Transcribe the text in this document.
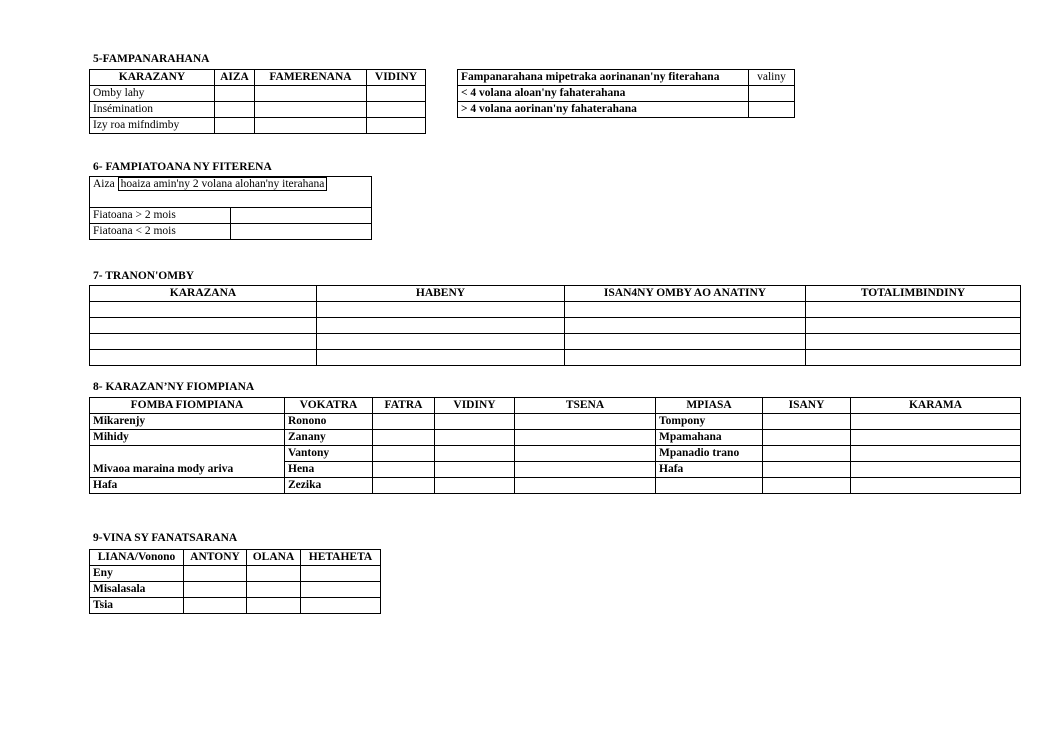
5-FAMPANARAHANA
KARAZANY	AIZA	FAMERENANA	VIDINY
Omby lahy			
Insémination			
Izy roa mifndimby			
Fampanarahana mipetraka aorinanan'ny fiterahana	valiny
< 4 volana aloan'ny fahaterahana	
> 4 volana aorinan'ny fahaterahana	
6- FAMPIATOANA NY FITERENA
Aiza hoaiza amin'ny 2 volana alohan'ny iterahana	
Fiatoana > 2 mois	
Fiatoana < 2 mois	
7- TRANON'OMBY
KARAZANA	HABENY	ISAN4NY OMBY AO ANATINY	TOTALIMBINDINY

8- KARAZAN’NY FIOMPIANA
FOMBA FIOMPIANA	VOKATRA	FATRA	VIDINY	TSENA	MPIASA	ISANY	KARAMA
Mikarenjy	Ronono				Tompony		
Mihidy	Zanany				Mpamahana		
Mivaoa maraina mody ariva	Vantony				Mpanadio trano		
	Hena				Hafa		
Hafa	Zezika						
9-VINA SY FANATSARANA
LIANA/Vonono	ANTONY	OLANA	HETAHETA
Eny			
Misalasala			
Tsia			
